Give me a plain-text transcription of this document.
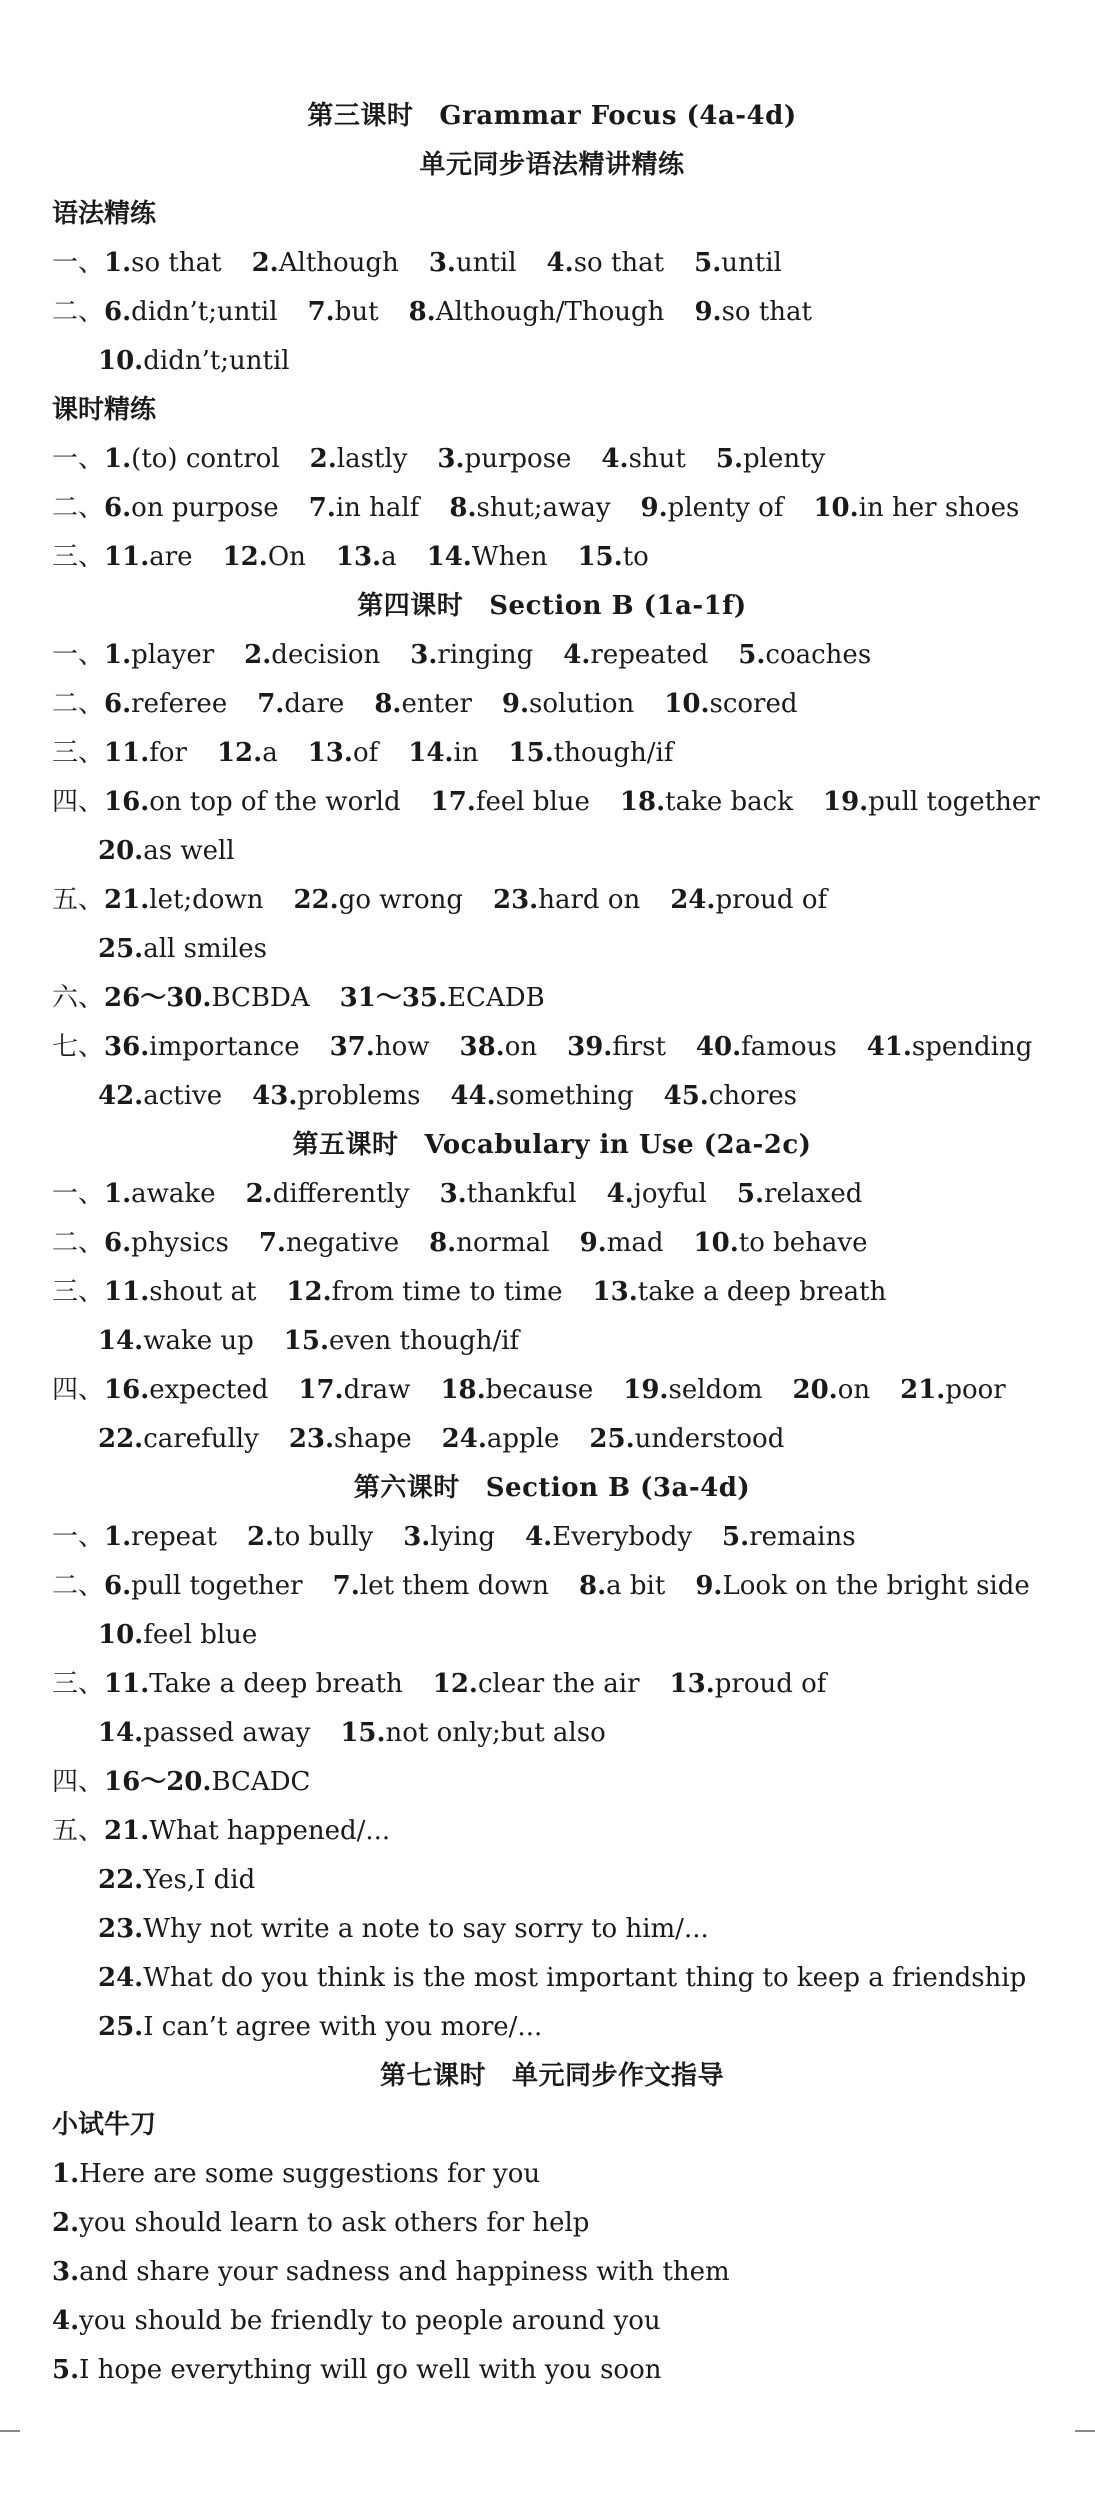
第三课时 Grammar Focus (4a-4d)
单元同步语法精讲精练
语法精练
一、1.so that 2.Although 3.until 4.so that 5.until
二、6.didn’t;until 7.but 8.Although/Though 9.so that
10.didn’t;until
课时精练
一、1.(to) control 2.lastly 3.purpose 4.shut 5.plenty
二、6.on purpose 7.in half 8.shut;away 9.plenty of 10.in her shoes
三、11.are 12.On 13.a 14.When 15.to
第四课时 Section B (1a-1f)
一、1.player 2.decision 3.ringing 4.repeated 5.coaches
二、6.referee 7.dare 8.enter 9.solution 10.scored
三、11.for 12.a 13.of 14.in 15.though/if
四、16.on top of the world 17.feel blue 18.take back 19.pull together
20.as well
五、21.let;down 22.go wrong 23.hard on 24.proud of
25.all smiles
六、26～30.BCBDA 31～35.ECADB
七、36.importance 37.how 38.on 39.first 40.famous 41.spending
42.active 43.problems 44.something 45.chores
第五课时 Vocabulary in Use (2a-2c)
一、1.awake 2.differently 3.thankful 4.joyful 5.relaxed
二、6.physics 7.negative 8.normal 9.mad 10.to behave
三、11.shout at 12.from time to time 13.take a deep breath
14.wake up 15.even though/if
四、16.expected 17.draw 18.because 19.seldom 20.on 21.poor
22.carefully 23.shape 24.apple 25.understood
第六课时 Section B (3a-4d)
一、1.repeat 2.to bully 3.lying 4.Everybody 5.remains
二、6.pull together 7.let them down 8.a bit 9.Look on the bright side
10.feel blue
三、11.Take a deep breath 12.clear the air 13.proud of
14.passed away 15.not only;but also
四、16～20.BCADC
五、21.What happened/...
22.Yes,I did
23.Why not write a note to say sorry to him/...
24.What do you think is the most important thing to keep a friendship
25.I can’t agree with you more/...
第七课时 单元同步作文指导
小试牛刀
1.Here are some suggestions for you
2.you should learn to ask others for help
3.and share your sadness and happiness with them
4.you should be friendly to people around you
5.I hope everything will go well with you soon
